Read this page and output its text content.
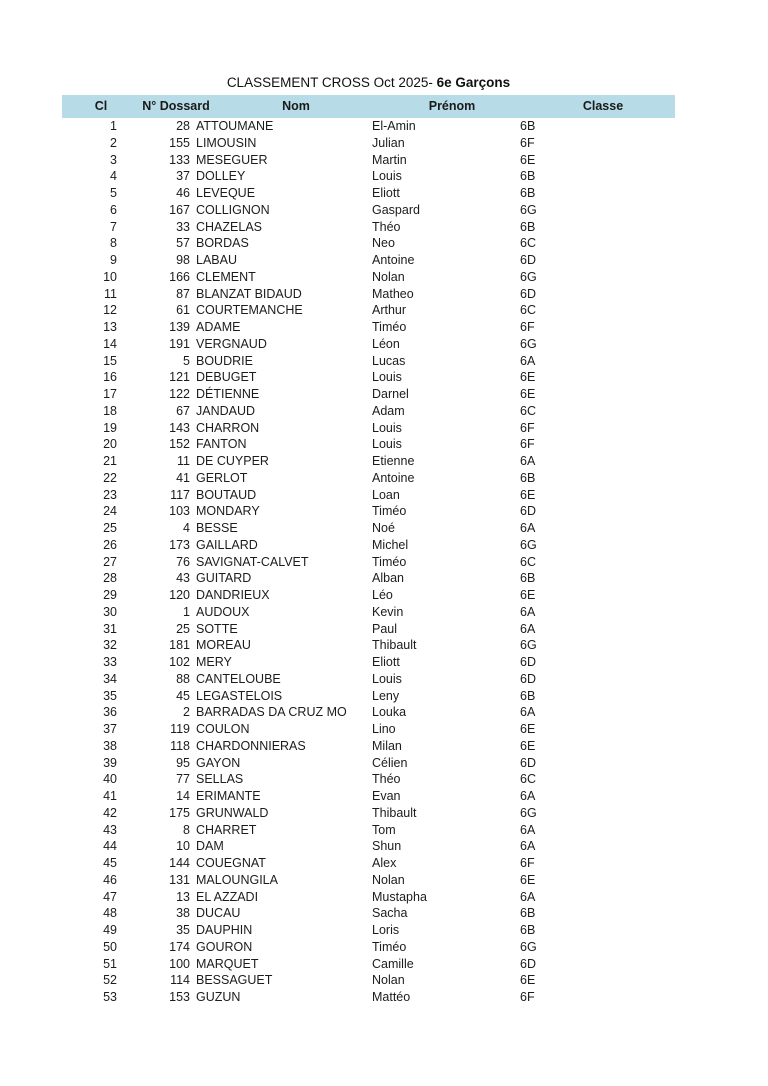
CLASSEMENT CROSS Oct 2025- 6e Garçons
Cl	N° Dossard	Nom	Prénom	Classe
1	28 ATTOUMANE	El-Amin	6B
2	155 LIMOUSIN	Julian	6F
3	133 MESEGUER	Martin	6E
4	37 DOLLEY	Louis	6B
5	46 LEVEQUE	Eliott	6B
6	167 COLLIGNON	Gaspard	6G
7	33 CHAZELAS	Théo	6B
8	57 BORDAS	Neo	6C
9	98 LABAU	Antoine	6D
10	166 CLEMENT	Nolan	6G
11	87 BLANZAT BIDAUD	Matheo	6D
12	61 COURTEMANCHE	Arthur	6C
13	139 ADAME	Timéo	6F
14	191 VERGNAUD	Léon	6G
15	5 BOUDRIE	Lucas	6A
16	121 DEBUGET	Louis	6E
17	122 DÉTIENNE	Darnel	6E
18	67 JANDAUD	Adam	6C
19	143 CHARRON	Louis	6F
20	152 FANTON	Louis	6F
21	11 DE CUYPER	Etienne	6A
22	41 GERLOT	Antoine	6B
23	117 BOUTAUD	Loan	6E
24	103 MONDARY	Timéo	6D
25	4 BESSE	Noé	6A
26	173 GAILLARD	Michel	6G
27	76 SAVIGNAT-CALVET	Timéo	6C
28	43 GUITARD	Alban	6B
29	120 DANDRIEUX	Léo	6E
30	1 AUDOUX	Kevin	6A
31	25 SOTTE	Paul	6A
32	181 MOREAU	Thibault	6G
33	102 MERY	Eliott	6D
34	88 CANTELOUBE	Louis	6D
35	45 LEGASTELOIS	Leny	6B
36	2 BARRADAS DA CRUZ MO	Louka	6A
37	119 COULON	Lino	6E
38	118 CHARDONNIERAS	Milan	6E
39	95 GAYON	Célien	6D
40	77 SELLAS	Théo	6C
41	14 ERIMANTE	Evan	6A
42	175 GRUNWALD	Thibault	6G
43	8 CHARRET	Tom	6A
44	10 DAM	Shun	6A
45	144 COUEGNAT	Alex	6F
46	131 MALOUNGILA	Nolan	6E
47	13 EL AZZADI	Mustapha	6A
48	38 DUCAU	Sacha	6B
49	35 DAUPHIN	Loris	6B
50	174 GOURON	Timéo	6G
51	100 MARQUET	Camille	6D
52	114 BESSAGUET	Nolan	6E
53	153 GUZUN	Mattéo	6F
